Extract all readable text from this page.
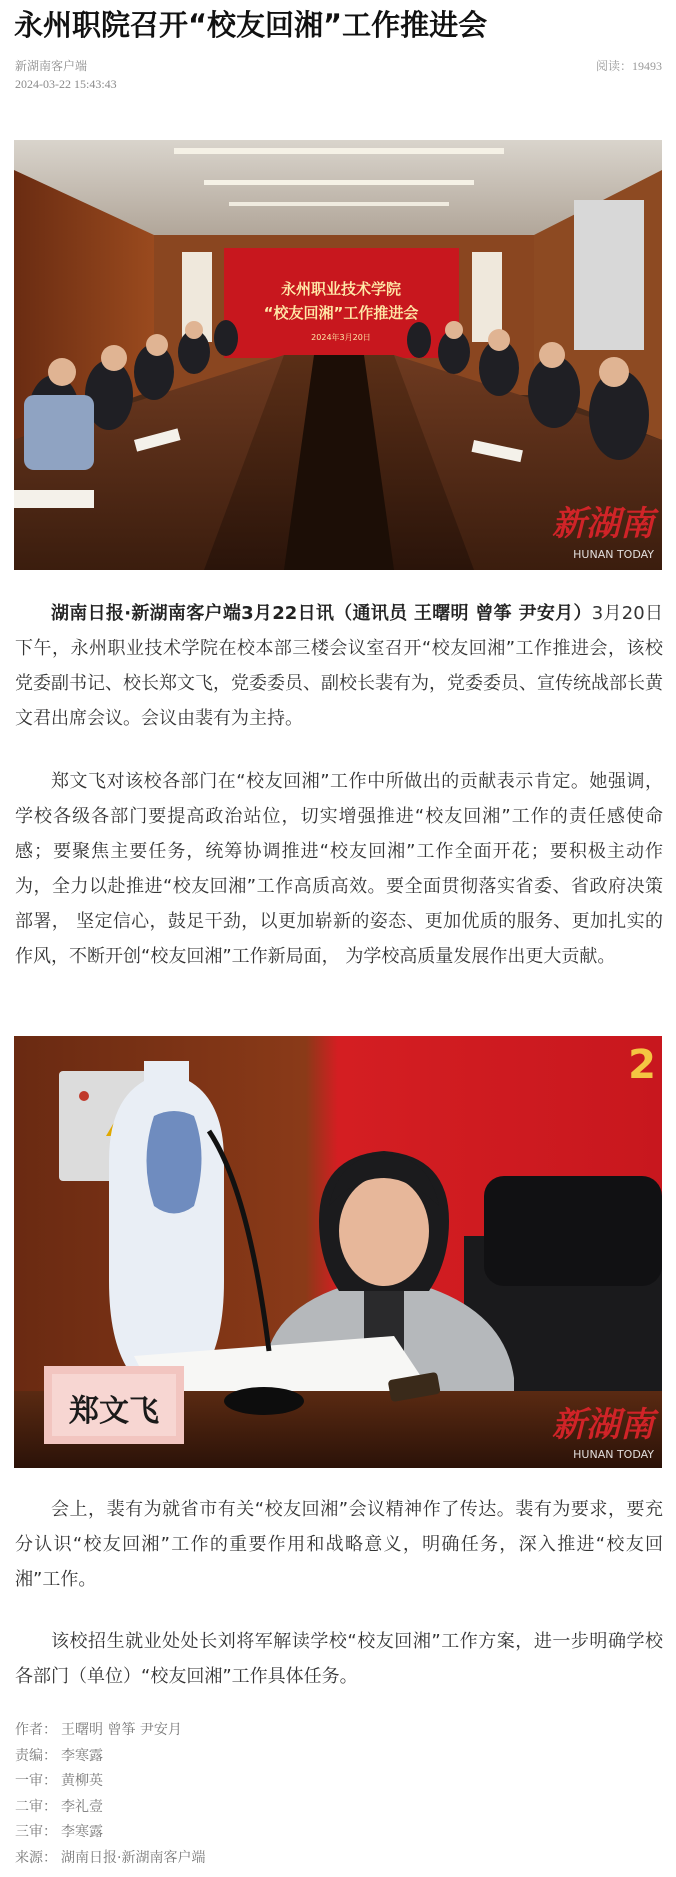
永州职院召开“校友回湘”工作推进会
新湖南客户端
2024-03-22 15:43:43
阅读：19493
永州职业技术学院
“校友回湘”工作推进会
2024年3月20日
新湖南
HUNAN TODAY
湖南日报·新湖南客户端3月22日讯（通讯员 王曙明 曾筝 尹安月）3月20日下午，永州职业技术学院在校本部三楼会议室召开“校友回湘”工作推进会，该校党委副书记、校长郑文飞，党委委员、副校长裴有为，党委委员、宣传统战部长黄文君出席会议。会议由裴有为主持。
郑文飞对该校各部门在“校友回湘”工作中所做出的贡献表示肯定。她强调，学校各级各部门要提高政治站位，切实增强推进“校友回湘”工作的责任感使命感；要聚焦主要任务，统筹协调推进“校友回湘”工作全面开花；要积极主动作为，全力以赴推进“校友回湘”工作高质高效。要全面贯彻落实省委、省政府决策部署， 坚定信心，鼓足干劲，以更加崭新的姿态、更加优质的服务、更加扎实的作风，不断开创“校友回湘”工作新局面， 为学校高质量发展作出更大贡献。
郑文飞
2
新湖南
HUNAN TODAY
会上，裴有为就省市有关“校友回湘”会议精神作了传达。裴有为要求，要充分认识“校友回湘”工作的重要作用和战略意义，明确任务，深入推进“校友回湘”工作。
该校招生就业处处长刘将军解读学校“校友回湘”工作方案，进一步明确学校各部门（单位）“校友回湘”工作具体任务。
作者： 王曙明 曾筝 尹安月
责编： 李寒露
一审： 黄柳英
二审： 李礼壹
三审： 李寒露
来源： 湖南日报·新湖南客户端
